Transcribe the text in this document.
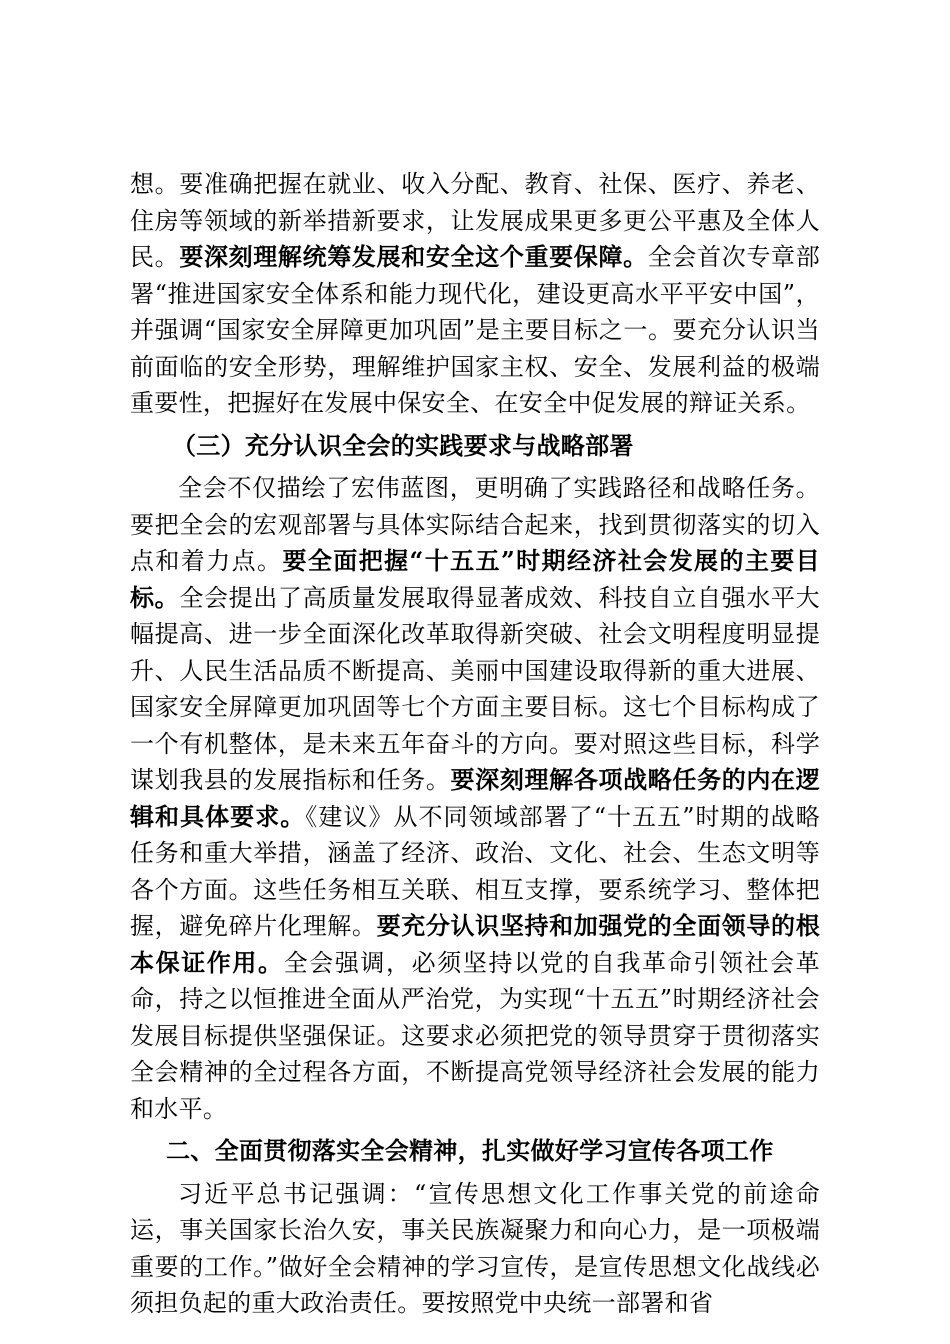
想。要准确把握在就业、收入分配、教育、社保、医疗、养老、住房等领域的新举措新要求，让发展成果更多更公平惠及全体人民。要深刻理解统筹发展和安全这个重要保障。全会首次专章部署“推进国家安全体系和能力现代化，建设更高水平平安中国”，并强调“国家安全屏障更加巩固”是主要目标之一。要充分认识当前面临的安全形势，理解维护国家主权、安全、发展利益的极端重要性，把握好在发展中保安全、在安全中促发展的辩证关系。

（三）充分认识全会的实践要求与战略部署

全会不仅描绘了宏伟蓝图，更明确了实践路径和战略任务。要把全会的宏观部署与具体实际结合起来，找到贯彻落实的切入点和着力点。要全面把握“十五五”时期经济社会发展的主要目标。全会提出了高质量发展取得显著成效、科技自立自强水平大幅提高、进一步全面深化改革取得新突破、社会文明程度明显提升、人民生活品质不断提高、美丽中国建设取得新的重大进展、国家安全屏障更加巩固等七个方面主要目标。这七个目标构成了一个有机整体，是未来五年奋斗的方向。要对照这些目标，科学谋划我县的发展指标和任务。要深刻理解各项战略任务的内在逻辑和具体要求。《建议》从不同领域部署了“十五五”时期的战略任务和重大举措，涵盖了经济、政治、文化、社会、生态文明等各个方面。这些任务相互关联、相互支撑，要系统学习、整体把握，避免碎片化理解。要充分认识坚持和加强党的全面领导的根本保证作用。全会强调，必须坚持以党的自我革命引领社会革命，持之以恒推进全面从严治党，为实现“十五五”时期经济社会发展目标提供坚强保证。这要求必须把党的领导贯穿于贯彻落实全会精神的全过程各方面，不断提高党领导经济社会发展的能力和水平。

二、全面贯彻落实全会精神，扎实做好学习宣传各项工作

习近平总书记强调：“宣传思想文化工作事关党的前途命运，事关国家长治久安，事关民族凝聚力和向心力，是一项极端重要的工作。”做好全会精神的学习宣传，是宣传思想文化战线必须担负起的重大政治责任。要按照党中央统一部署和省
